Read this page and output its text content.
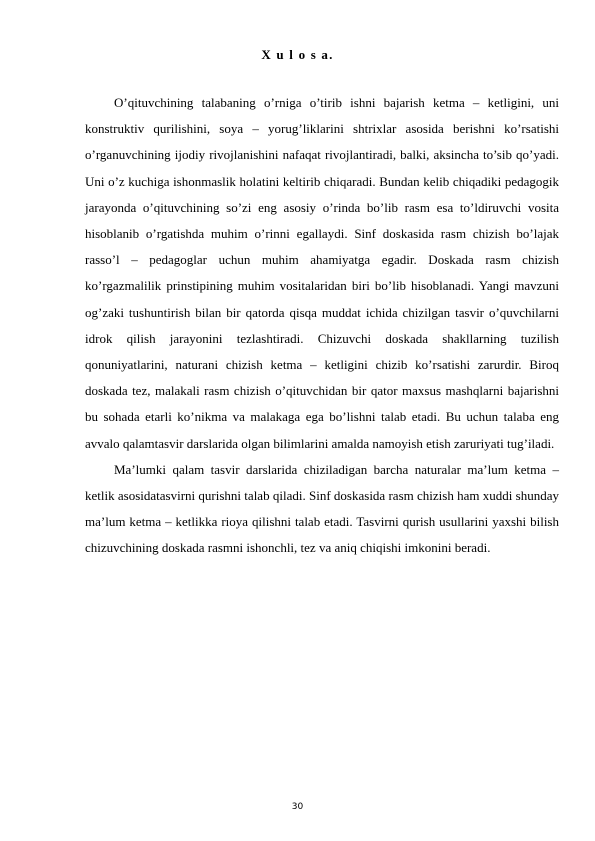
X u l o s a.

O’qituvchining talabaning o’rniga o’tirib ishni bajarish ketma – ketligini, uni konstruktiv qurilishini, soya – yorug’liklarini shtrixlar asosida berishni ko’rsatishi o’rganuvchining ijodiy rivojlanishini nafaqat rivojlantiradi, balki, aksincha to’sib qo’yadi. Uni o’z kuchiga ishonmaslik holatini keltirib chiqaradi. Bundan kelib chiqadiki pedagogik jarayonda o’qituvchining so’zi eng asosiy o’rinda bo’lib rasm esa to’ldiruvchi vosita hisoblanib o’rgatishda muhim o’rinni egallaydi. Sinf doskasida rasm chizish bo’lajak rasso’l – pedagoglar uchun muhim ahamiyatga egadir. Doskada rasm chizish ko’rgazmalilik prinstipining muhim vositalaridan biri bo’lib hisoblanadi. Yangi mavzuni og’zaki tushuntirish bilan bir qatorda qisqa muddat ichida chizilgan tasvir o’quvchilarni idrok qilish jarayonini tezlashtiradi. Chizuvchi doskada shakllarning tuzilish qonuniyatlarini, naturani chizish ketma – ketligini chizib ko’rsatishi zarurdir. Biroq doskada tez, malakali rasm chizish o’qituvchidan bir qator maxsus mashqlarni bajarishni bu sohada etarli ko’nikma va malakaga ega bo’lishni talab etadi. Bu uchun talaba eng avvalo qalamtasvir darslarida olgan bilimlarini amalda namoyish etish zaruriyati tug’iladi.

Ma’lumki qalam tasvir darslarida chiziladigan barcha naturalar ma’lum ketma – ketlik asosidatasvirni qurishni talab qiladi. Sinf doskasida rasm chizish ham xuddi shunday ma’lum ketma – ketlikka rioya qilishni talab etadi. Tasvirni qurish usullarini yaxshi bilish chizuvchining doskada rasmni ishonchli, tez va aniq chiqishi imkonini beradi.

30
